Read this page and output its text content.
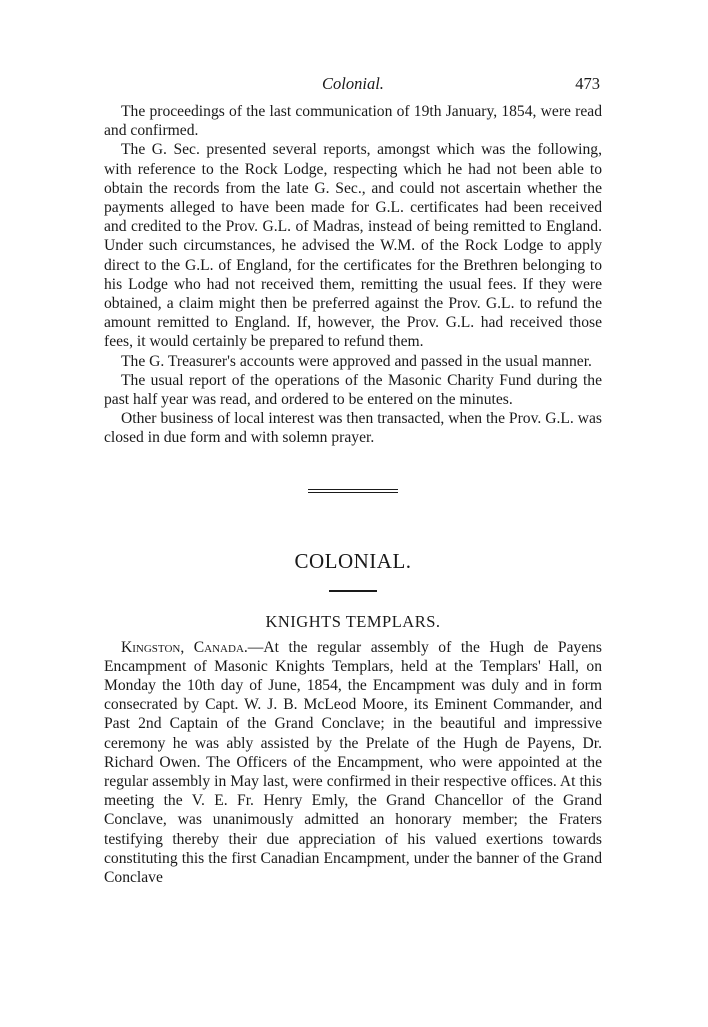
Colonial.	473

The proceedings of the last communication of 19th January, 1854, were read and confirmed.

The G. Sec. presented several reports, amongst which was the following, with reference to the Rock Lodge, respecting which he had not been able to obtain the records from the late G. Sec., and could not ascertain whether the payments alleged to have been made for G.L. certificates had been received and credited to the Prov. G.L. of Madras, instead of being remitted to England. Under such circumstances, he advised the W.M. of the Rock Lodge to apply direct to the G.L. of England, for the certificates for the Brethren belonging to his Lodge who had not received them, remitting the usual fees. If they were obtained, a claim might then be preferred against the Prov. G.L. to refund the amount remitted to England. If, however, the Prov. G.L. had received those fees, it would certainly be prepared to refund them.

The G. Treasurer's accounts were approved and passed in the usual manner.

The usual report of the operations of the Masonic Charity Fund during the past half year was read, and ordered to be entered on the minutes.

Other business of local interest was then transacted, when the Prov. G.L. was closed in due form and with solemn prayer.

COLONIAL.
KNIGHTS TEMPLARS.

Kingston, Canada.—At the regular assembly of the Hugh de Payens Encampment of Masonic Knights Templars, held at the Templars' Hall, on Monday the 10th day of June, 1854, the Encampment was duly and in form consecrated by Capt. W. J. B. McLeod Moore, its Eminent Commander, and Past 2nd Captain of the Grand Conclave; in the beautiful and impressive ceremony he was ably assisted by the Prelate of the Hugh de Payens, Dr. Richard Owen. The Officers of the Encampment, who were appointed at the regular assembly in May last, were confirmed in their respective offices. At this meeting the V. E. Fr. Henry Emly, the Grand Chancellor of the Grand Conclave, was unanimously admitted an honorary member; the Fraters testifying thereby their due appreciation of his valued exertions towards constituting this the first Canadian Encampment, under the banner of the Grand Conclave
